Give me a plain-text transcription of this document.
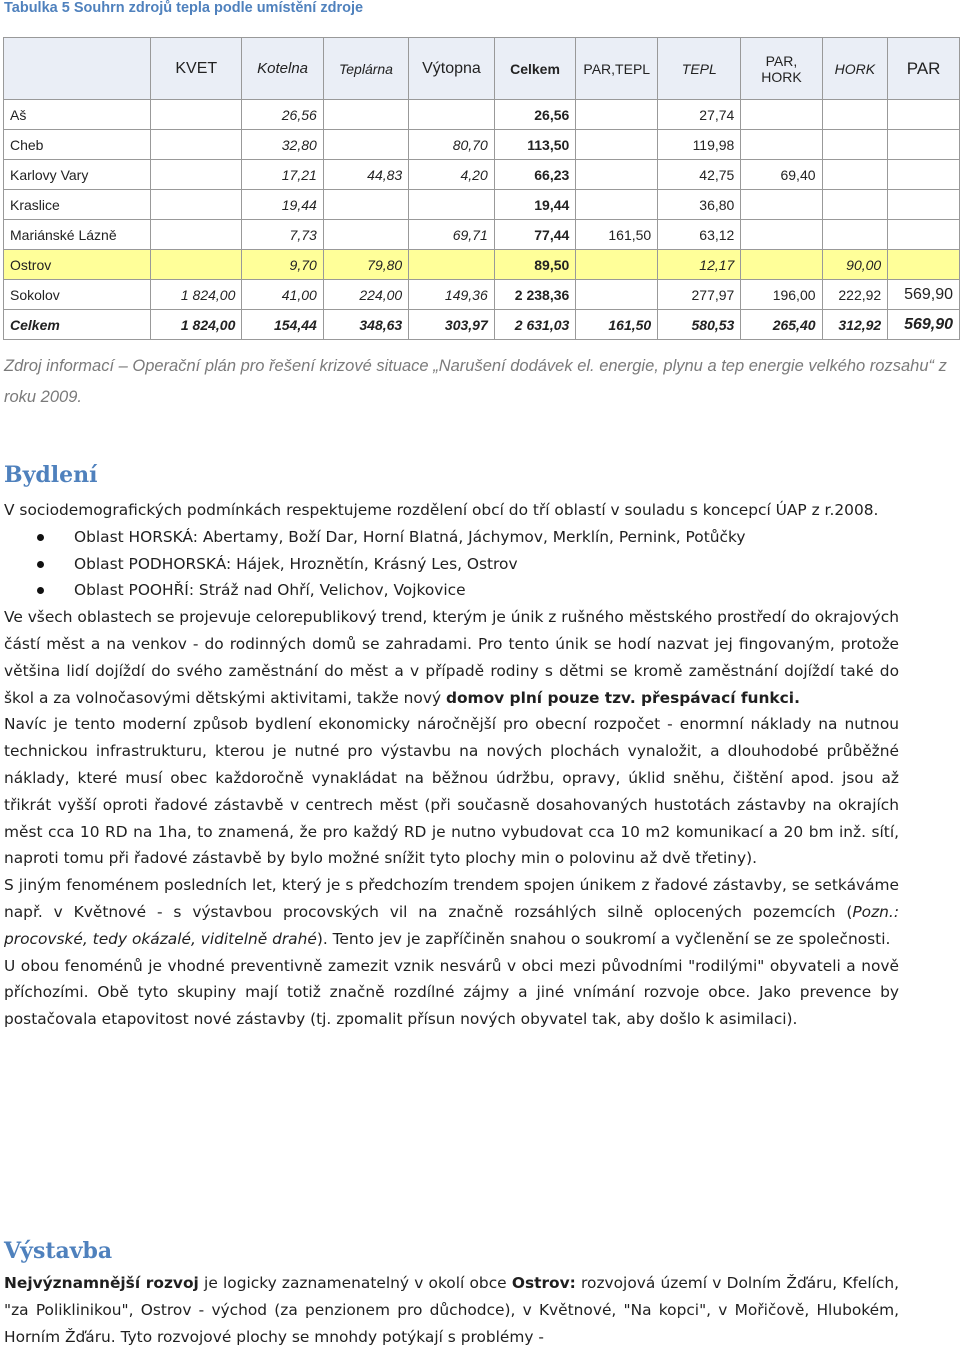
Tabulka 5 Souhrn zdrojů tepla podle umístění zdroje
	KVET	Kotelna	Teplárna	Výtopna	Celkem	PAR,TEPL	TEPL	PAR, HORK	HORK	PAR
Aš		26,56			26,56		27,74			
Cheb		32,80		80,70	113,50		119,98			
Karlovy Vary		17,21	44,83	4,20	66,23		42,75	69,40		
Kraslice		19,44			19,44		36,80			
Mariánské Lázně		7,73		69,71	77,44	161,50	63,12			
Ostrov		9,70	79,80		89,50		12,17		90,00	
Sokolov	1 824,00	41,00	224,00	149,36	2 238,36		277,97	196,00	222,92	569,90
Celkem	1 824,00	154,44	348,63	303,97	2 631,03	161,50	580,53	265,40	312,92	569,90
Zdroj informací – Operační plán pro řešení krizové situace „Narušení dodávek el. energie, plynu a tep energie velkého rozsahu“ z roku 2009.
Bydlení

V sociodemografických podmínkách respektujeme rozdělení obcí do tří oblastí v souladu s koncepcí ÚAP z r.2008.

Oblast HORSKÁ: Abertamy, Boží Dar, Horní Blatná, Jáchymov, Merklín, Pernink, Potůčky
Oblast PODHORSKÁ: Hájek, Hroznětín, Krásný Les, Ostrov
Oblast POOHŘÍ: Stráž nad Ohří, Velichov, Vojkovice

Ve všech oblastech se projevuje celorepublikový trend, kterým je únik z rušného městského prostředí do okrajových částí měst a na venkov - do rodinných domů se zahradami. Pro tento únik se hodí nazvat jej fingovaným, protože většina lidí dojíždí do svého zaměstnání do měst a v případě rodiny s dětmi se kromě zaměstnání dojíždí také do škol a za volnočasovými dětskými aktivitami, takže nový domov plní pouze tzv. přespávací funkci.

Navíc je tento moderní způsob bydlení ekonomicky náročnější pro obecní rozpočet - enormní náklady na nutnou technickou infrastrukturu, kterou je nutné pro výstavbu na nových plochách vynaložit, a dlouhodobé průběžné náklady, které musí obec každoročně vynakládat na běžnou údržbu, opravy, úklid sněhu, čištění apod. jsou až třikrát vyšší oproti řadové zástavbě v centrech měst (při současně dosahovaných hustotách zástavby na okrajích měst cca 10 RD na 1ha, to znamená, že pro každý RD je nutno vybudovat cca 10 m2 komunikací a 20 bm inž. sítí, naproti tomu při řadové zástavbě by bylo možné snížit tyto plochy min o polovinu až dvě třetiny).

S jiným fenoménem posledních let, který je s předchozím trendem spojen únikem z řadové zástavby, se setkáváme např. v Květnové - s výstavbou procovských vil na značně rozsáhlých silně oplocených pozemcích (Pozn.: procovské, tedy okázalé, viditelně drahé). Tento jev je zapříčiněn snahou o soukromí a vyčlenění se ze společnosti.

U obou fenoménů je vhodné preventivně zamezit vznik nesvárů v obci mezi původními "rodilými" obyvateli a nově příchozími. Obě tyto skupiny mají totiž značně rozdílné zájmy a jiné vnímání rozvoje obce. Jako prevence by postačovala etapovitost nové zástavby (tj. zpomalit přísun nových obyvatel tak, aby došlo k asimilaci).

Výstavba

Nejvýznamnější rozvoj je logicky zaznamenatelný v okolí obce Ostrov: rozvojová území v Dolním Žďáru, Kfelích, "za Poliklinikou", Ostrov - východ (za penzionem pro důchodce), v Květnové, "Na kopci", v Mořičově, Hlubokém, Horním Žďáru. Tyto rozvojové plochy se mnohdy potýkají s problémy -
